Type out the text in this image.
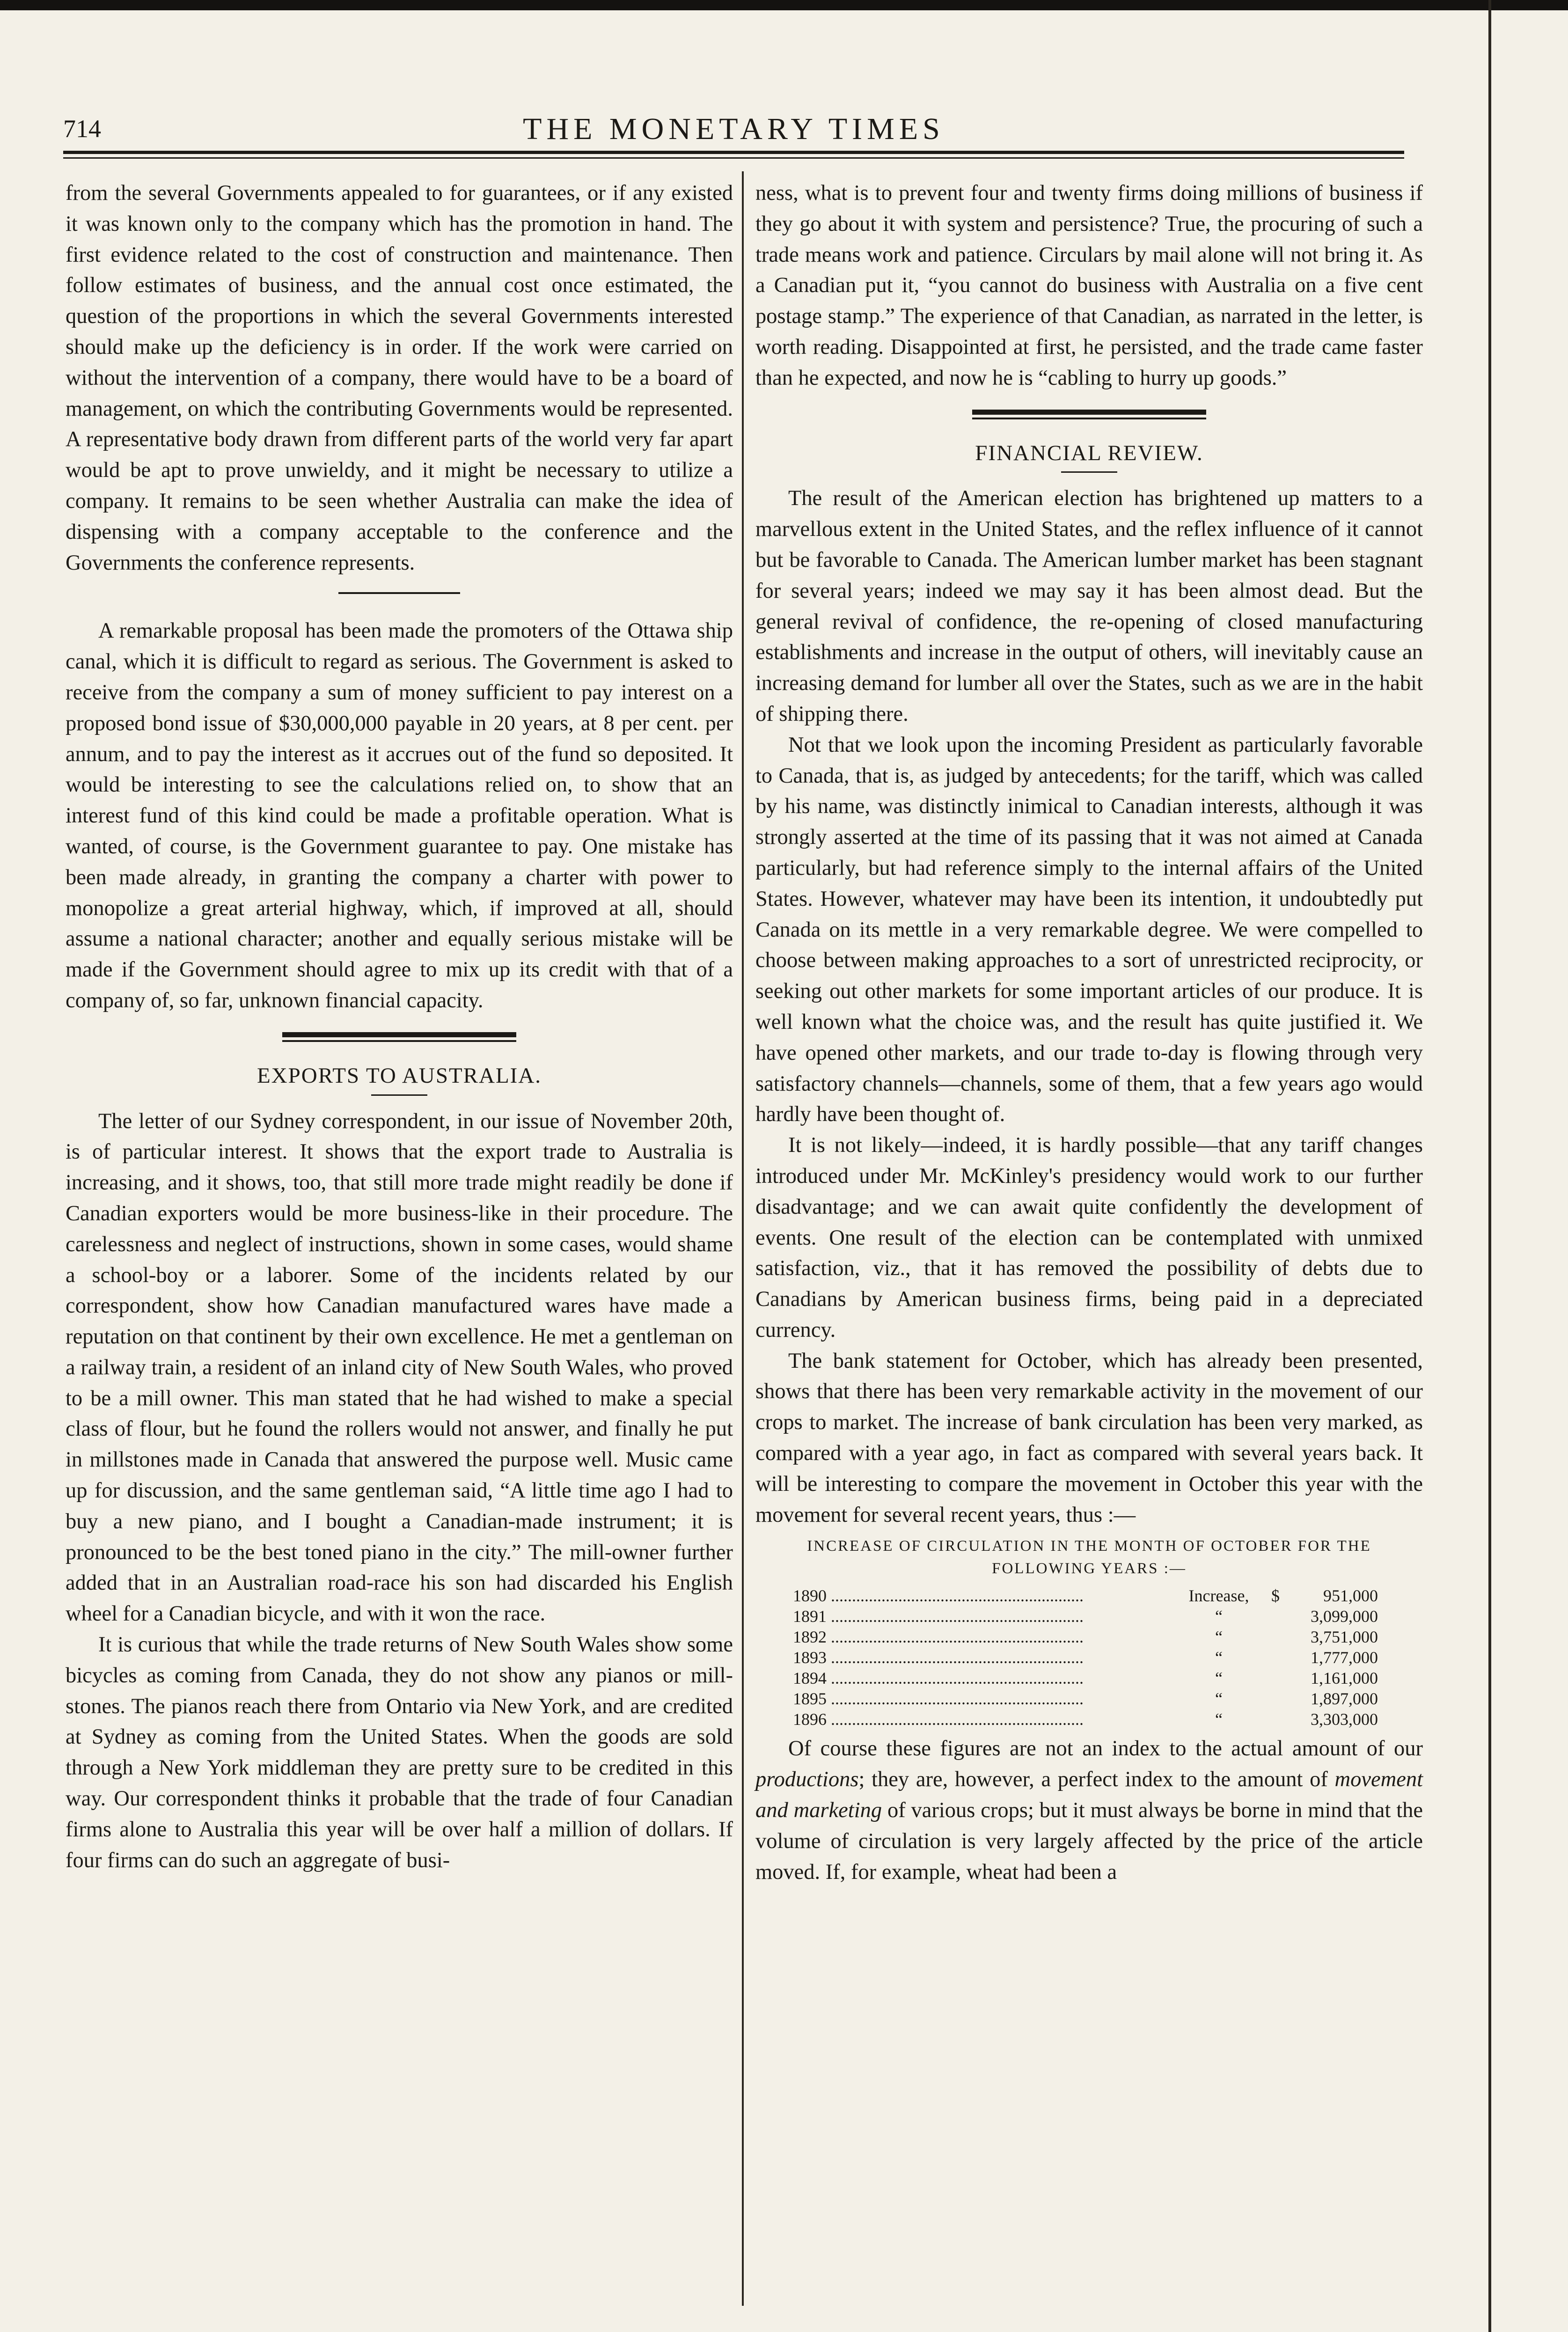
714	THE MONETARY TIMES

from the several Governments appealed to for guarantees, or if any existed it was known only to the company which has the promotion in hand. The first evidence related to the cost of construction and maintenance. Then follow estimates of business, and the annual cost once estimated, the question of the proportions in which the several Governments interested should make up the deficiency is in order. If the work were carried on without the intervention of a company, there would have to be a board of management, on which the contributing Governments would be represented. A representative body drawn from different parts of the world very far apart would be apt to prove unwieldy, and it might be necessary to utilize a company. It remains to be seen whether Australia can make the idea of dispensing with a company acceptable to the conference and the Governments the conference represents.

A remarkable proposal has been made the promoters of the Ottawa ship canal, which it is difficult to regard as serious. The Government is asked to receive from the company a sum of money sufficient to pay interest on a proposed bond issue of $30,000,000 payable in 20 years, at 8 per cent. per annum, and to pay the interest as it accrues out of the fund so deposited. It would be interesting to see the calculations relied on, to show that an interest fund of this kind could be made a profitable operation. What is wanted, of course, is the Government guarantee to pay. One mistake has been made already, in granting the company a charter with power to monopolize a great arterial highway, which, if improved at all, should assume a national character; another and equally serious mistake will be made if the Government should agree to mix up its credit with that of a company of, so far, unknown financial capacity.

EXPORTS TO AUSTRALIA.

The letter of our Sydney correspondent, in our issue of November 20th, is of particular interest. It shows that the export trade to Australia is increasing, and it shows, too, that still more trade might readily be done if Canadian exporters would be more business-like in their procedure. The carelessness and neglect of instructions, shown in some cases, would shame a school-boy or a laborer. Some of the incidents related by our correspondent, show how Canadian manufactured wares have made a reputation on that continent by their own excellence. He met a gentleman on a railway train, a resident of an inland city of New South Wales, who proved to be a mill owner. This man stated that he had wished to make a special class of flour, but he found the rollers would not answer, and finally he put in millstones made in Canada that answered the purpose well. Music came up for discussion, and the same gentleman said, “A little time ago I had to buy a new piano, and I bought a Canadian-made instrument; it is pronounced to be the best toned piano in the city.” The mill-owner further added that in an Australian road-race his son had discarded his English wheel for a Canadian bicycle, and with it won the race.

It is curious that while the trade returns of New South Wales show some bicycles as coming from Canada, they do not show any pianos or mill-stones. The pianos reach there from Ontario via New York, and are credited at Sydney as coming from the United States. When the goods are sold through a New York middleman they are pretty sure to be credited in this way. Our correspondent thinks it probable that the trade of four Canadian firms alone to Australia this year will be over half a million of dollars. If four firms can do such an aggregate of busi-

ness, what is to prevent four and twenty firms doing millions of business if they go about it with system and persistence? True, the procuring of such a trade means work and patience. Circulars by mail alone will not bring it. As a Canadian put it, “you cannot do business with Australia on a five cent postage stamp.” The experience of that Canadian, as narrated in the letter, is worth reading. Disappointed at first, he persisted, and the trade came faster than he expected, and now he is “cabling to hurry up goods.”

FINANCIAL REVIEW.

The result of the American election has brightened up matters to a marvellous extent in the United States, and the reflex influence of it cannot but be favorable to Canada. The American lumber market has been stagnant for several years; indeed we may say it has been almost dead. But the general revival of confidence, the re-opening of closed manufacturing establishments and increase in the output of others, will inevitably cause an increasing demand for lumber all over the States, such as we are in the habit of shipping there.

Not that we look upon the incoming President as particularly favorable to Canada, that is, as judged by antecedents; for the tariff, which was called by his name, was distinctly inimical to Canadian interests, although it was strongly asserted at the time of its passing that it was not aimed at Canada particularly, but had reference simply to the internal affairs of the United States. However, whatever may have been its intention, it undoubtedly put Canada on its mettle in a very remarkable degree. We were compelled to choose between making approaches to a sort of unrestricted reciprocity, or seeking out other markets for some important articles of our produce. It is well known what the choice was, and the result has quite justified it. We have opened other markets, and our trade to-day is flowing through very satisfactory channels—channels, some of them, that a few years ago would hardly have been thought of.

It is not likely—indeed, it is hardly possible—that any tariff changes introduced under Mr. McKinley's presidency would work to our further disadvantage; and we can await quite confidently the development of events. One result of the election can be contemplated with unmixed satisfaction, viz., that it has removed the possibility of debts due to Canadians by American business firms, being paid in a depreciated currency.

The bank statement for October, which has already been presented, shows that there has been very remarkable activity in the movement of our crops to market. The increase of bank circulation has been very marked, as compared with a year ago, in fact as compared with several years back. It will be interesting to compare the movement in October this year with the movement for several recent years, thus :—

INCREASE OF CIRCULATION IN THE MONTH OF OCTOBER FOR THE
FOLLOWING YEARS :—
1890 ............................................................	Increase,	$	951,000
1891 ............................................................	“		3,099,000
1892 ............................................................	“		3,751,000
1893 ............................................................	“		1,777,000
1894 ............................................................	“		1,161,000
1895 ............................................................	“		1,897,000
1896 ............................................................	“		3,303,000

Of course these figures are not an index to the actual amount of our productions; they are, however, a perfect index to the amount of movement and marketing of various crops; but it must always be borne in mind that the volume of circulation is very largely affected by the price of the article moved. If, for example, wheat had been a
